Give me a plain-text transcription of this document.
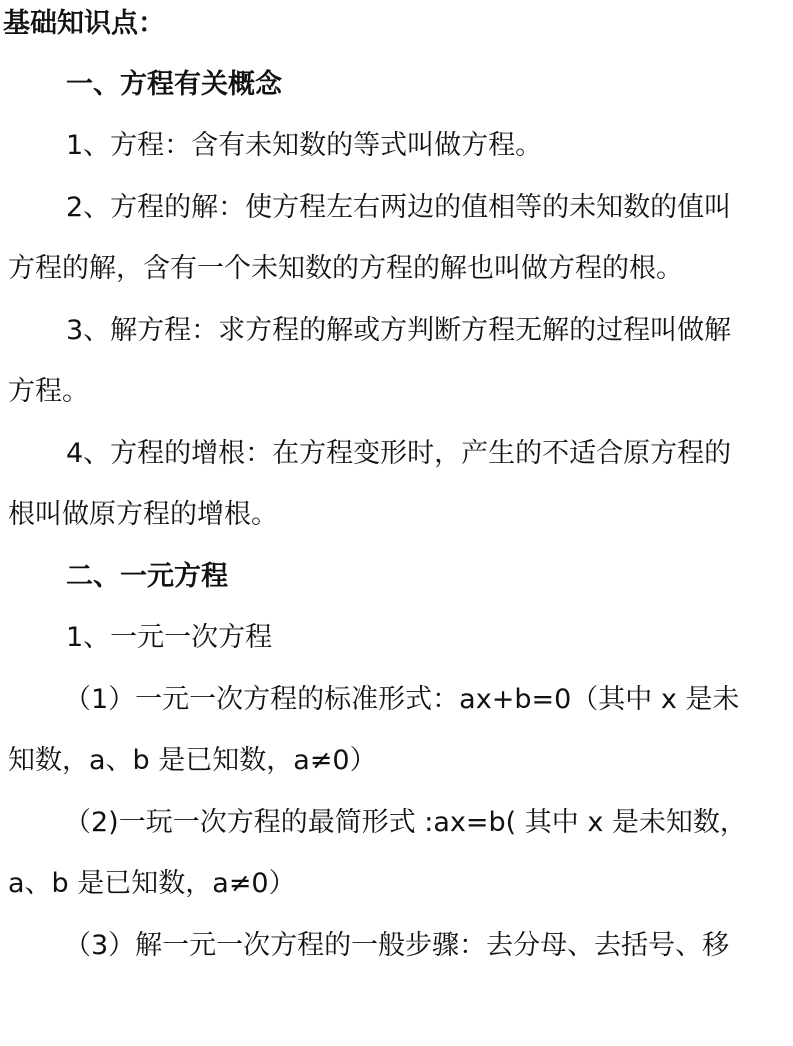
基础知识点：
一、方程有关概念
1、方程：含有未知数的等式叫做方程。
2、方程的解：使方程左右两边的值相等的未知数的值叫
方程的解，含有一个未知数的方程的解也叫做方程的根。
3、解方程：求方程的解或方判断方程无解的过程叫做解
方程。
4、方程的增根：在方程变形时，产生的不适合原方程的
根叫做原方程的增根。
二、一元方程
1、一元一次方程
（1）一元一次方程的标准形式：ax+b=0（其中 x 是未
知数，a、b 是已知数，a≠0）
（2)一玩一次方程的最简形式 :ax=b( 其中 x 是未知数，
a、b 是已知数，a≠0）
（3）解一元一次方程的一般步骤：去分母、去括号、移
